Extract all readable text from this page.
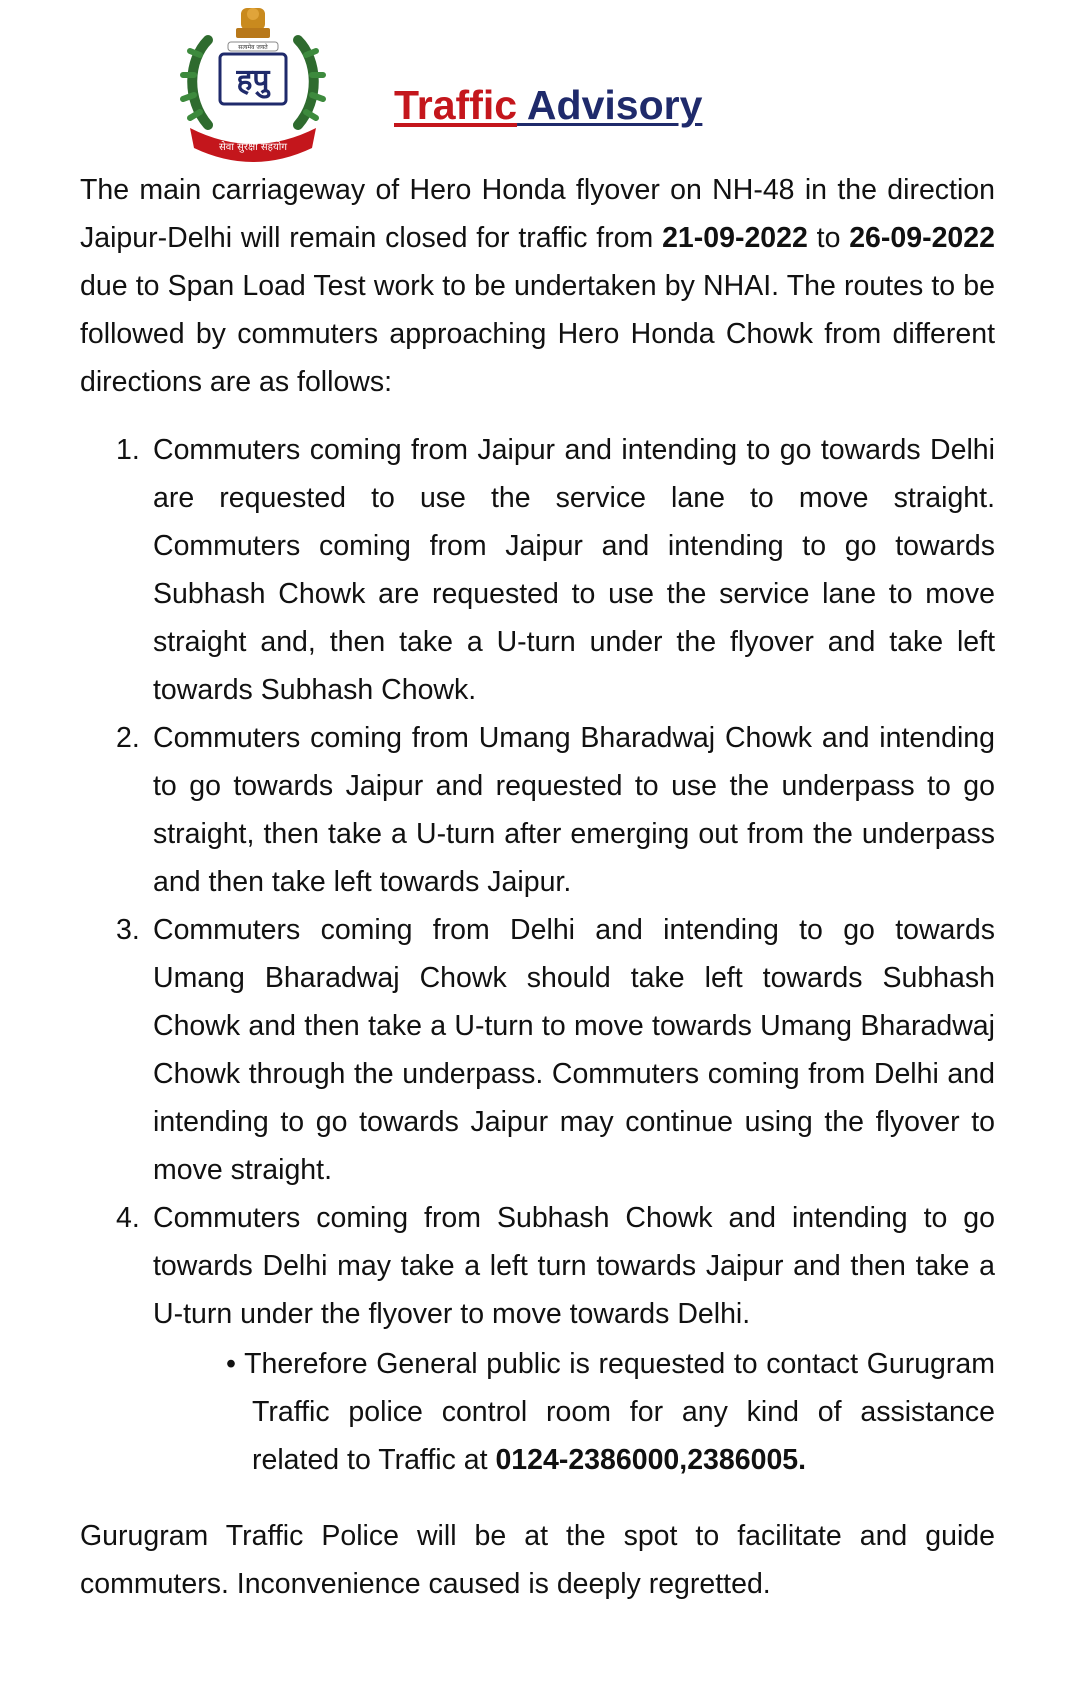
सत्यमेव जयते
हपु
सेवा सुरक्षा सहयोग
Traffic Advisory

The main carriageway of Hero Honda flyover on NH-48 in the direction Jaipur-Delhi will remain closed for traffic from 21-09-2022 to 26-09-2022 due to Span Load Test work to be undertaken by NHAI. The routes to be followed by commuters approaching Hero Honda Chowk from different directions are as follows:

1. Commuters coming from Jaipur and intending to go towards Delhi are requested to use the service lane to move straight. Commuters coming from Jaipur and intending to go towards Subhash Chowk are requested to use the service lane to move straight and, then take a U-turn under the flyover and take left towards Subhash Chowk.
2. Commuters coming from Umang Bharadwaj Chowk and intending to go towards Jaipur and requested to use the underpass to go straight, then take a U-turn after emerging out from the underpass and then take left towards Jaipur.
3. Commuters coming from Delhi and intending to go towards Umang Bharadwaj Chowk should take left towards Subhash Chowk and then take a U-turn to move towards Umang Bharadwaj Chowk through the underpass. Commuters coming from Delhi and intending to go towards Jaipur may continue using the flyover to move straight.
4. Commuters coming from Subhash Chowk and intending to go towards Delhi may take a left turn towards Jaipur and then take a U-turn under the flyover to move towards Delhi.

• Therefore General public is requested to contact Gurugram Traffic police control room for any kind of assistance related to Traffic at 0124-2386000,2386005.

Gurugram Traffic Police will be at the spot to facilitate and guide commuters. Inconvenience caused is deeply regretted.
